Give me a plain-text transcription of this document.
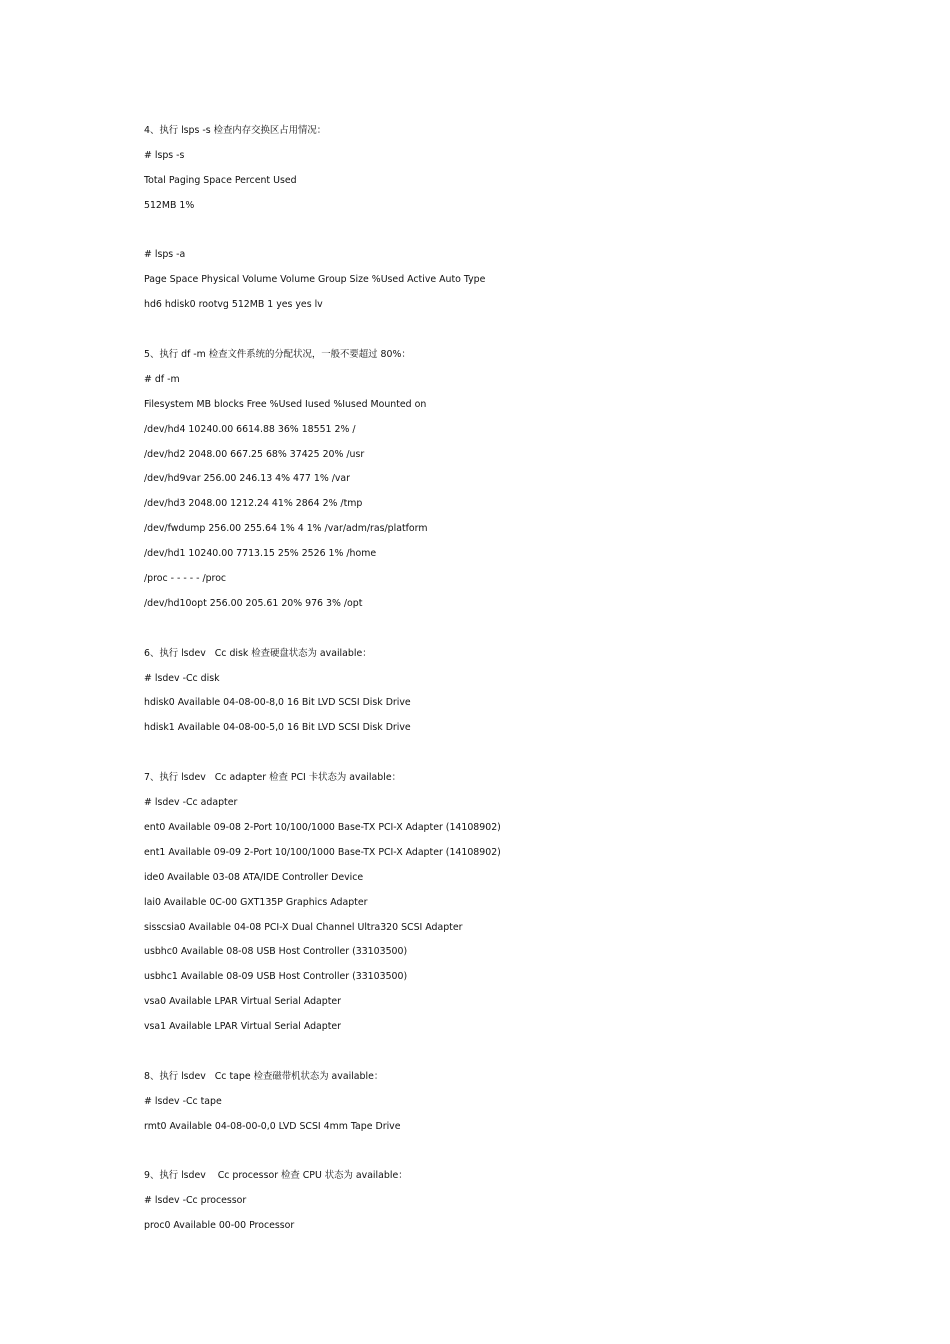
4、执行 lsps -s 检查内存交换区占用情况：
# lsps -s
Total Paging Space Percent Used
512MB 1%
# lsps -a
Page Space Physical Volume Volume Group Size %Used Active Auto Type
hd6 hdisk0 rootvg 512MB 1 yes yes lv
5、执行 df -m 检查文件系统的分配状况，一般不要超过 80%：
# df -m
Filesystem MB blocks Free %Used Iused %Iused Mounted on
/dev/hd4 10240.00 6614.88 36% 18551 2% /
/dev/hd2 2048.00 667.25 68% 37425 20% /usr
/dev/hd9var 256.00 246.13 4% 477 1% /var
/dev/hd3 2048.00 1212.24 41% 2864 2% /tmp
/dev/fwdump 256.00 255.64 1% 4 1% /var/adm/ras/platform
/dev/hd1 10240.00 7713.15 25% 2526 1% /home
/proc - - - - - /proc
/dev/hd10opt 256.00 205.61 20% 976 3% /opt
6、执行 lsdev   Cc disk 检查硬盘状态为 available：
# lsdev -Cc disk
hdisk0 Available 04-08-00-8,0 16 Bit LVD SCSI Disk Drive
hdisk1 Available 04-08-00-5,0 16 Bit LVD SCSI Disk Drive
7、执行 lsdev   Cc adapter 检查 PCI 卡状态为 available：
# lsdev -Cc adapter
ent0 Available 09-08 2-Port 10/100/1000 Base-TX PCI-X Adapter (14108902)
ent1 Available 09-09 2-Port 10/100/1000 Base-TX PCI-X Adapter (14108902)
ide0 Available 03-08 ATA/IDE Controller Device
lai0 Available 0C-00 GXT135P Graphics Adapter
sisscsia0 Available 04-08 PCI-X Dual Channel Ultra320 SCSI Adapter
usbhc0 Available 08-08 USB Host Controller (33103500)
usbhc1 Available 08-09 USB Host Controller (33103500)
vsa0 Available LPAR Virtual Serial Adapter
vsa1 Available LPAR Virtual Serial Adapter
8、执行 lsdev   Cc tape 检查磁带机状态为 available：
# lsdev -Cc tape
rmt0 Available 04-08-00-0,0 LVD SCSI 4mm Tape Drive
9、执行 lsdev    Cc processor 检查 CPU 状态为 available：
# lsdev -Cc processor
proc0 Available 00-00 Processor
